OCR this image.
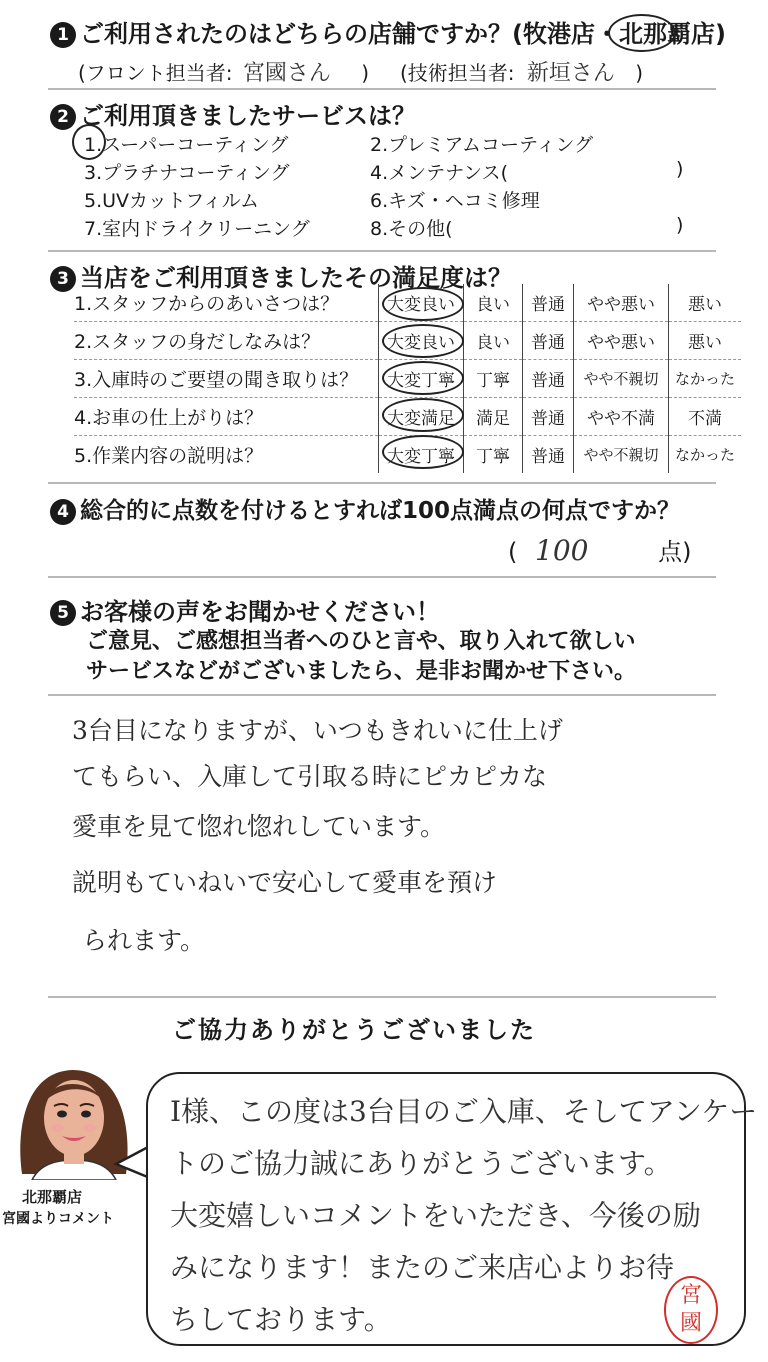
1 ご利用されたのはどちらの店舗ですか？(牧港店・北那覇店)
(フロント担当者: 宮國さん ) (技術担当者: 新垣さん )
2 ご利用頂きましたサービスは？
1.スーパーコーティング	2.プレミアムコーティング
3.プラチナコーティング	4.メンテナンス(	)
5.UVカットフィルム	6.キズ・ヘコミ修理
7.室内ドライクリーニング	8.その他(	)
3 当店をご利用頂きましたその満足度は？
1.スタッフからのあいさつは？	大変良い	良い	普通	やや悪い	悪い
2.スタッフの身だしなみは？	大変良い	良い	普通	やや悪い	悪い
3.入庫時のご要望の聞き取りは？	大変丁寧	丁寧	普通	やや不親切	なかった
4.お車の仕上がりは？	大変満足	満足	普通	やや不満	不満
5.作業内容の説明は？	大変丁寧	丁寧	普通	やや不親切	なかった
4 総合的に点数を付けるとすれば100点満点の何点ですか？
( 100	点)
5 お客様の声をお聞かせください！
ご意見、ご感想担当者へのひと言や、取り入れて欲しい
サービスなどがございましたら、是非お聞かせ下さい。
3台目になりますが、いつもきれいに仕上げ
てもらい、入庫して引取る時にピカピカな
愛車を見て惚れ惚れしています。
説明もていねいで安心して愛車を預け
られます。
ご協力ありがとうございました
北那覇店
宮國よりコメント
I様、この度は3台目のご入庫、そしてアンケー
トのご協力誠にありがとうございます。
大変嬉しいコメントをいただき、今後の励
みになります！またのご来店心よりお待
ちしております。
宮
國
